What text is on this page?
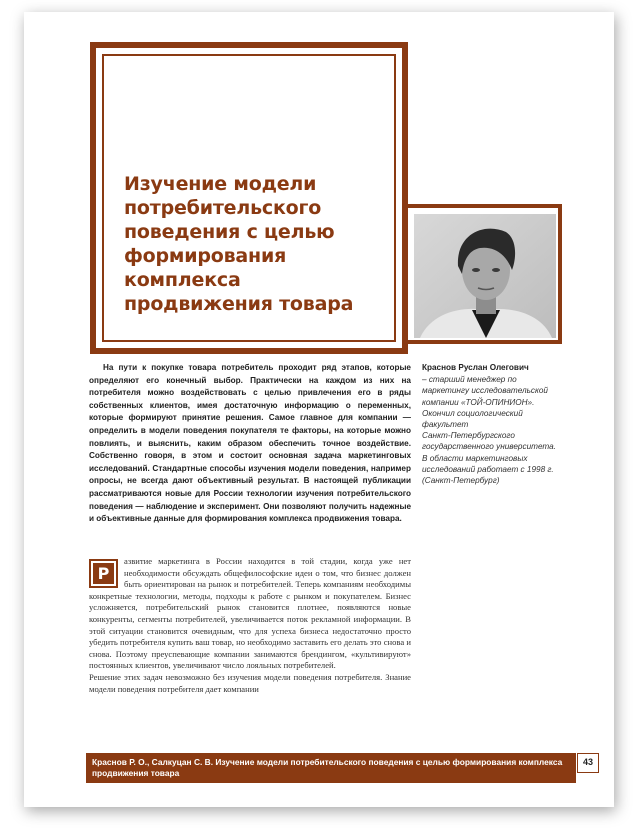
Изучение модели потребительского поведения с целью формирования комплекса продвижения товара

На пути к покупке товара потребитель проходит ряд этапов, которые определяют его конечный выбор. Практически на каждом из них на потребителя можно воздействовать с целью привлечения его в ряды собственных клиентов, имея достаточную информацию о переменных, которые формируют принятие решения. Самое главное для компании — определить в модели поведения покупателя те факторы, на которые можно повлиять, и выяснить, каким образом обеспечить точное воздействие. Собственно говоря, в этом и состоит основная задача маркетинговых исследований. Стандартные способы изучения модели поведения, например опросы, не всегда дают объективный результат. В настоящей публикации рассматриваются новые для России технологии изучения потребительского поведения — наблюдение и эксперимент. Они позволяют получить надежные и объективные данные для формирования комплекса продвижения товара.

Краснов Руслан Олегович
– старший менеджер по
маркетингу исследовательской
компании «ТОЙ-ОПИНИОН».
Окончил социологический
факультет
Санкт-Петербургского
государственного университета.
В области маркетинговых
исследований работает с 1998 г.
(Санкт-Петербург)
Р

азвитие маркетинга в России находится в той стадии, когда уже нет необходимости обсуждать общефилософские идеи о том, что бизнес должен быть ориентирован на рынок и потребителей. Теперь компаниям необходимы конкретные технологии, методы, подходы к работе с рынком и покупателем. Бизнес усложняется, потребительский рынок становится плотнее, появляются новые конкуренты, сегменты потребителей, увеличивается поток рекламной информации. В этой ситуации становится очевидным, что для успеха бизнеса недостаточно просто убедить потребителя купить ваш товар, но необходимо заставить его делать это снова и снова. Поэтому преуспевающие компании занимаются брендингом, «культивируют» постоянных клиентов, увеличивают число лояльных потребителей.

Решение этих задач невозможно без изучения модели поведения потребителя. Знание модели поведения потребителя дает компании

Краснов Р. О., Салкуцан С. В. Изучение модели потребительского поведения с целью формирования комплекса продвижения товара
43
